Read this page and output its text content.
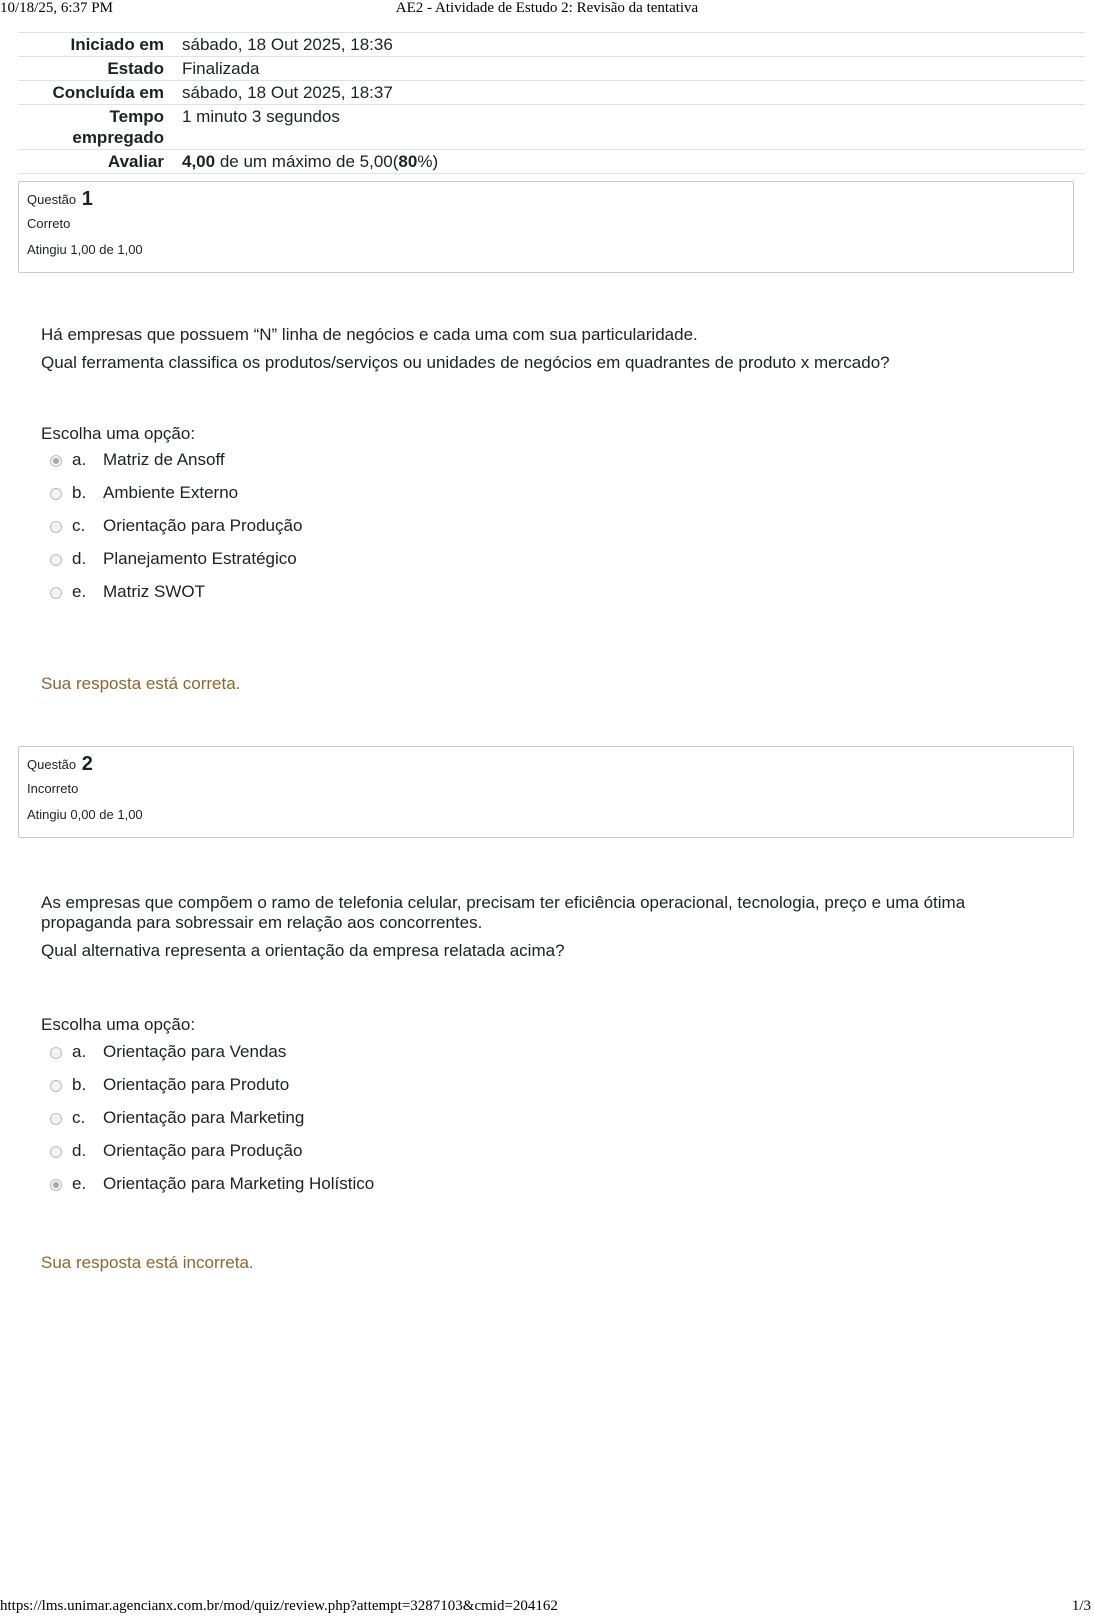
10/18/25, 6:37 PM	AE2 - Atividade de Estudo 2: Revisão da tentativa
Iniciado em	sábado, 18 Out 2025, 18:36
Estado	Finalizada
Concluída em	sábado, 18 Out 2025, 18:37
Tempo empregado
1 minuto 3 segundos
Avaliar	4,00 de um máximo de 5,00(80%)
Questão 1
Correto
Atingiu 1,00 de 1,00

Há empresas que possuem “N” linha de negócios e cada uma com sua particularidade.

Qual ferramenta classifica os produtos/serviços ou unidades de negócios em quadrantes de produto x mercado?

Escolha uma opção:
a. Matriz de Ansoff
b. Ambiente Externo
c.	Orientação para Produção
d. Planejamento Estratégico
e. Matriz SWOT
Sua resposta está correta.
Questão 2
Incorreto
Atingiu 0,00 de 1,00

As empresas que compõem o ramo de telefonia celular, precisam ter eficiência operacional, tecnologia, preço e uma ótima propaganda para sobressair em relação aos concorrentes.

Qual alternativa representa a orientação da empresa relatada acima?

Escolha uma opção:
a. Orientação para Vendas
b. Orientação para Produto
c.	Orientação para Marketing
d. Orientação para Produção
e. Orientação para Marketing Holístico
Sua resposta está incorreta.
https://lms.unimar.agencianx.com.br/mod/quiz/review.php?attempt=3287103&cmid=204162	1/3
